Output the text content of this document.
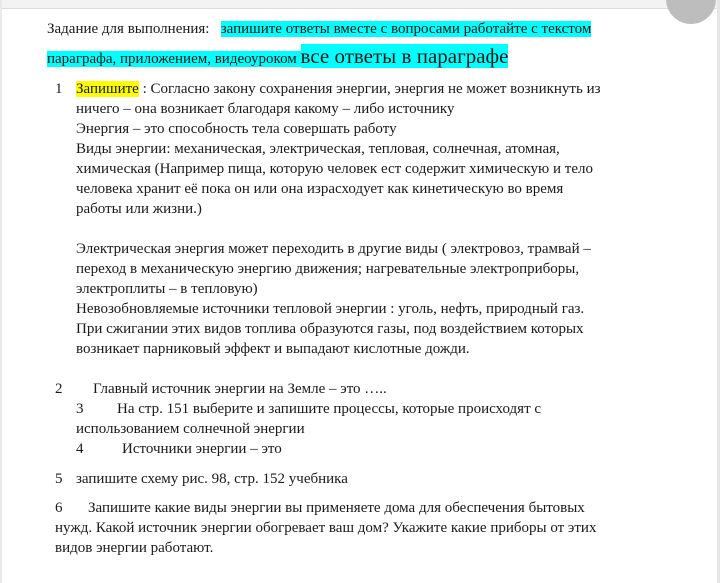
Задание для выполнения: запишите ответы вместе с вопросами работайте с текстом
параграфа, приложением, видеоуроком все ответы в параграфе
1 Запишите : Согласно закону сохранения энергии, энергия не может возникнуть из
ничего – она возникает благодаря какому – либо источнику
Энергия – это способность тела совершать работу
Виды энергии: механическая, электрическая, тепловая, солнечная, атомная,
химическая (Например пища, которую человек ест содержит химическую и тело
человека хранит её пока он или она израсходует как кинетическую во время
работы или жизни.)
Электрическая энергия может переходить в другие виды ( электровоз, трамвай –
переход в механическую энергию движения; нагревательные электроприборы,
электроплиты – в тепловую)
Невозобновляемые источники тепловой энергии : уголь, нефть, природный газ.
При сжигании этих видов топлива образуются газы, под воздействием которых
возникает парниковый эффект и выпадают кислотные дожди.
2 Главный источник энергии на Земле – это …..
3 На стр. 151 выберите и запишите процессы, которые происходят с
использованием солнечной энергии
4	Источники энергии – это
5 запишите схему рис. 98, стр. 152 учебника
6 Запишите какие виды энергии вы применяете дома для обеспечения бытовых
нужд. Какой источник энергии обогревает ваш дом? Укажите какие приборы от этих
видов энергии работают.
